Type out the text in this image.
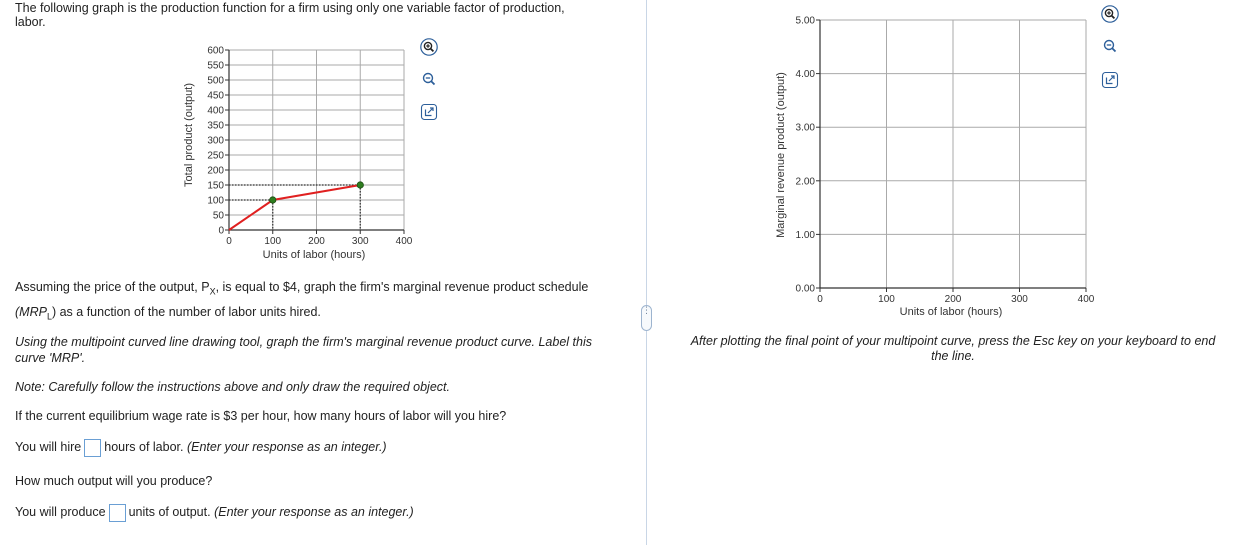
The following graph is the production function for a firm using only one variable factor of production,
labor.
600
550
500
450
400
350
300
250
200
150
100
50
0
0	100	200	300	400
Total product (output)
Units of labor (hours)
Assuming the price of the output, $P_X$, is equal to $4, graph the firm's marginal revenue product schedule
$(MRP_L)$ as a function of the number of labor units hired.
Using the multipoint curved line drawing tool, graph the firm's marginal revenue product curve. Label this
curve 'MRP'.
Note: Carefully follow the instructions above and only draw the required object.
If the current equilibrium wage rate is $3 per hour, how many hours of labor will you hire?
You will hire hours of labor. (Enter your response as an integer.)
How much output will you produce?
You will produce units of output. (Enter your response as an integer.)
⋮
5.00
4.00
3.00
2.00
1.00
0.00
0	100	200	300	400
Marginal revenue product (output)
Units of labor (hours)
After plotting the final point of your multipoint curve, press the Esc key on your keyboard to end
the line.
